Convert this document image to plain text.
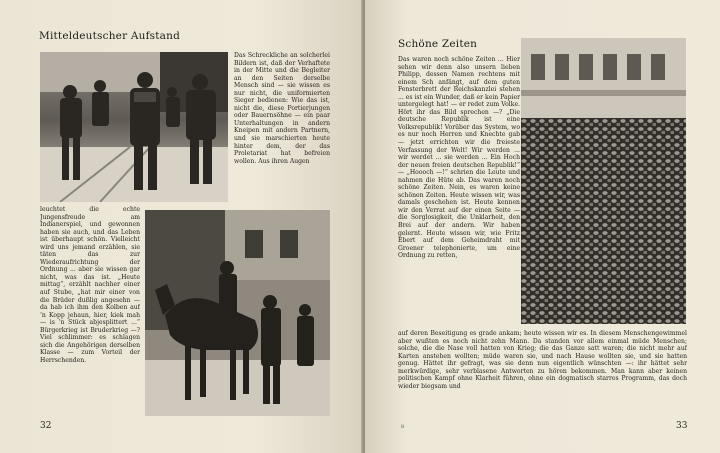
Mitteldeutscher Aufstand

Das Schreckliche an solcherlei Bildern ist, daß der Verhaftete in der Mitte und die Begleiter an den Seiten derselbe Mensch sind — sie wissen es nur nicht, die uniformierten Sieger bedienen: Wie das ist, nicht die, diese Portierjungen oder Bauernsöhne — ein paar Unterhaltungen in andern Kneipen mit andern Partnern, und sie marschierten heute hinter dem, der das Proletariat hat befreien wollen. Aus ihren Augen

leuchtet die echte Jungensfreude am Indianerspiel, und gewonnen haben sie auch, und das Leben ist überhaupt schön. Vielleicht wird uns jemand erzählen, sie täten das zur Wiederaufrichtung der Ordnung ... aber sie wissen gar nicht, was das ist. „Heute mittag“, erzählt nachher einer auf Stube, „hat mir einer von die Brüder dußlig angesehn — da hab ich ihm den Kolben auf ’n Kopp jehaun, hier, kiek mah — is ’n Stück abjesplittert ...“ Bürgerkrieg ist Bruderkrieg —? Viel schlimmer: es schlagen sich die Angehörigen derselben Klasse — zum Vorteil der Herrschenden.

32
Schöne Zeiten

Das waren noch schöne Zeiten ... Hier sehen wir denn also unsern lieben Philipp, dessen Namen rechtens mit einem Sch anfängt, auf dem guten Fensterbrett der Reichskanzlei stehen ... es ist ein Wunder, daß er kein Papier untergelegt hat! — er redet zum Volke. Hört ihr das Bild sprechen —? „Die deutsche Republik ist eine Volksrepublik! Vorüber das System, wo es nur noch Herren und Knechte gab — jetzt errichten wir die freieste Verfassung der Welt! Wir werden ... wir werdet ... sie werden ... Ein Hoch der neuen freien deutschen Republik!“ — „Hoooch —!“ schrien die Leute und nahmen die Hüte ab. Das waren noch schöne Zeiten. Nein, es waren keine schönen Zeiten. Heute wissen wir, was damals geschehen ist. Heute kennen wir den Verrat auf der einen Seite — die Sorglosigkeit, die Unklarheit, den Brei auf der andern. Wir haben gelernt. Heute wissen wir, wie Fritz Ebert auf dem Geheimdraht mit Groener telephonierte, um eine Ordnung zu retten,

auf deren Beseitigung es grade ankam; heute wissen wir es. In diesem Menschengewimmel aber wußten es noch nicht zehn Mann. Da standen vor allem einmal müde Menschen; solche, die die Nase voll hatten von Krieg; die das Ganze satt waren; die nicht mehr auf Karten anstehen wollten; müde waren sie, und nach Hause wollten sie, und sie hatten genug. Hättet ihr gefragt, was sie denn nun eigentlich wünschten —: ihr hättet sehr merkwürdige, sehr verblasene Antworten zu hören bekommen. Man kann aber keinen politischen Kampf ohne Klarheit führen, ohne ein dogmatisch starres Programm, das doch wieder biegsam und

8	33
